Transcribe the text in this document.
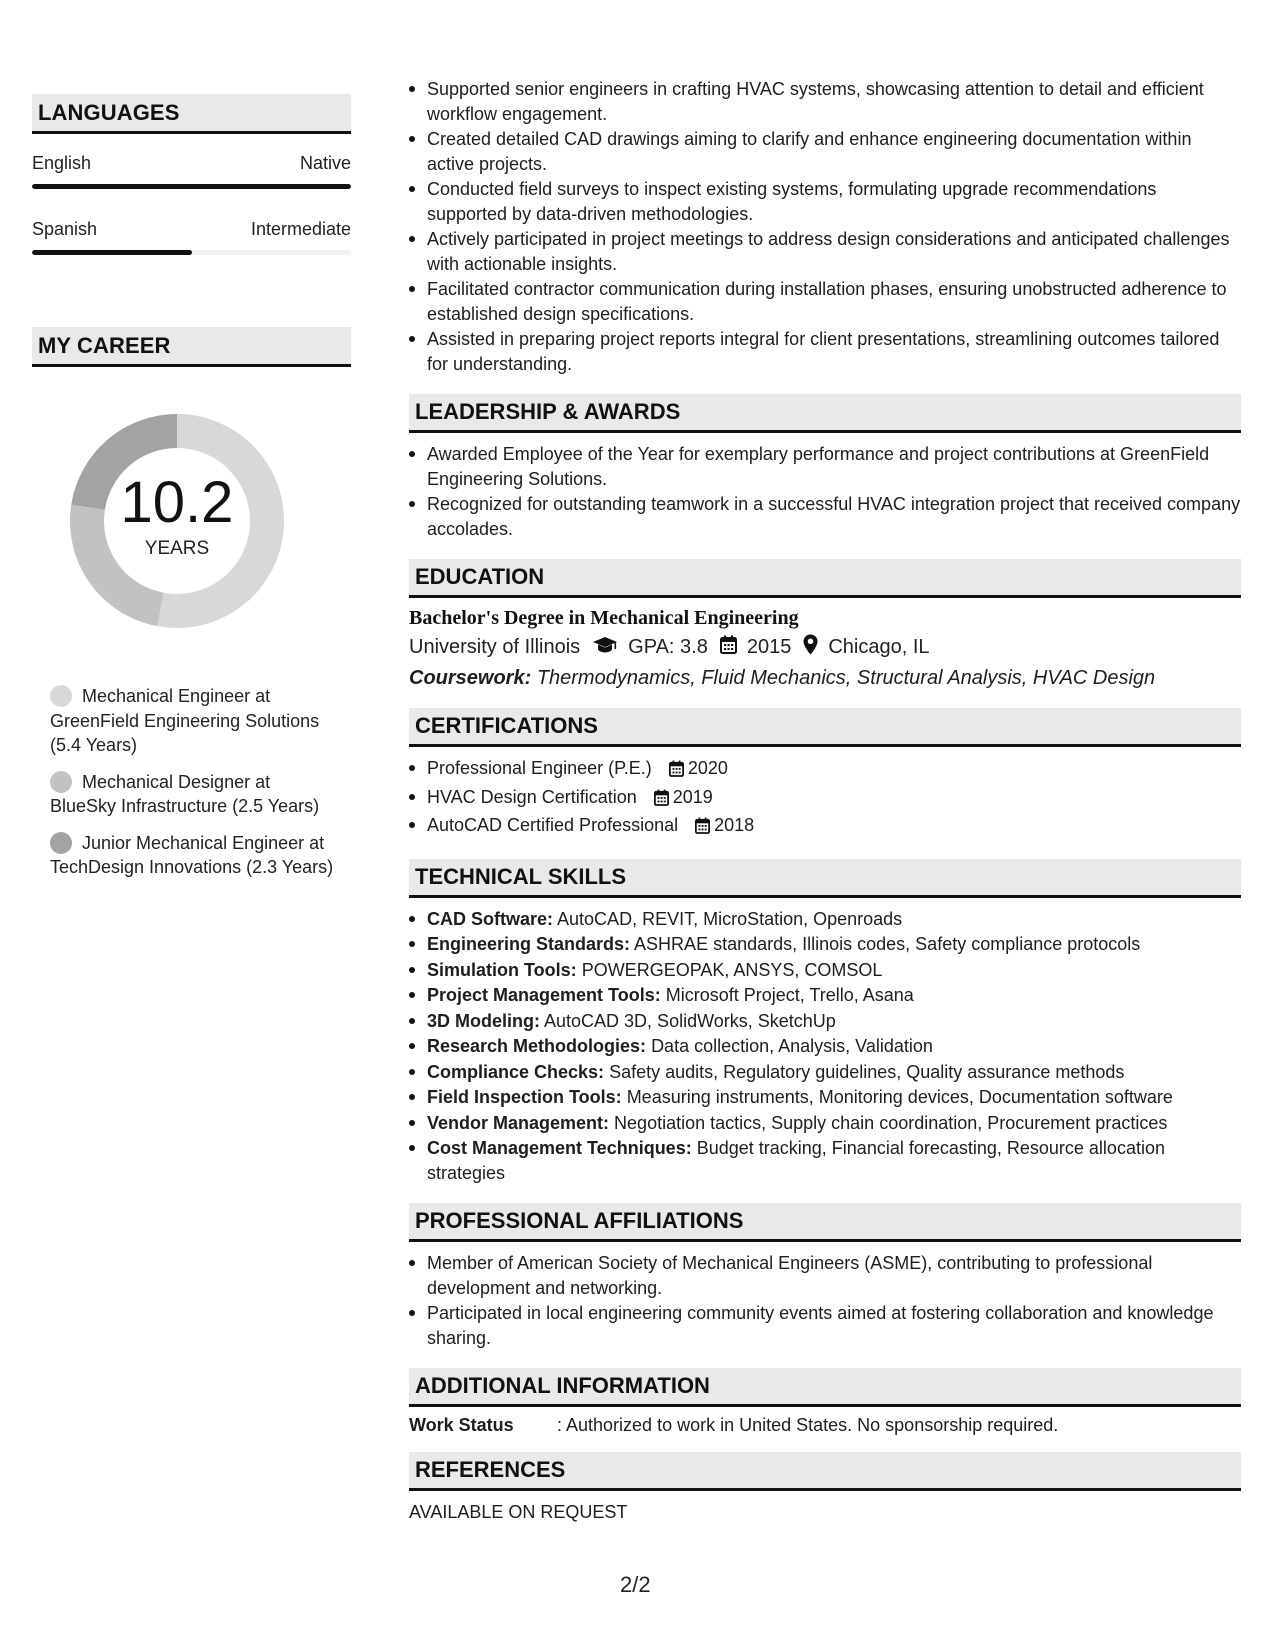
LANGUAGES
English	Native
Spanish	Intermediate
MY CAREER
10.2
YEARS
Mechanical Engineer at GreenField Engineering Solutions (5.4 Years)
Mechanical Designer at BlueSky Infrastructure (2.5 Years)
Junior Mechanical Engineer at TechDesign Innovations (2.3 Years)
Supported senior engineers in crafting HVAC systems, showcasing attention to detail and efficient workflow engagement.
Created detailed CAD drawings aiming to clarify and enhance engineering documentation within active projects.
Conducted field surveys to inspect existing systems, formulating upgrade recommendations supported by data-driven methodologies.
Actively participated in project meetings to address design considerations and anticipated challenges with actionable insights.
Facilitated contractor communication during installation phases, ensuring unobstructed adherence to established design specifications.
Assisted in preparing project reports integral for client presentations, streamlining outcomes tailored for understanding.
LEADERSHIP & AWARDS
Awarded Employee of the Year for exemplary performance and project contributions at GreenField Engineering Solutions.
Recognized for outstanding teamwork in a successful HVAC integration project that received company accolades.
EDUCATION
Bachelor's Degree in Mechanical Engineering
University of Illinois GPA: 3.8 2015 Chicago, IL
Coursework: Thermodynamics, Fluid Mechanics, Structural Analysis, HVAC Design
CERTIFICATIONS
Professional Engineer (P.E.) 2020
HVAC Design Certification 2019
AutoCAD Certified Professional 2018
TECHNICAL SKILLS
CAD Software: AutoCAD, REVIT, MicroStation, Openroads
Engineering Standards: ASHRAE standards, Illinois codes, Safety compliance protocols
Simulation Tools: POWERGEOPAK, ANSYS, COMSOL
Project Management Tools: Microsoft Project, Trello, Asana
3D Modeling: AutoCAD 3D, SolidWorks, SketchUp
Research Methodologies: Data collection, Analysis, Validation
Compliance Checks: Safety audits, Regulatory guidelines, Quality assurance methods
Field Inspection Tools: Measuring instruments, Monitoring devices, Documentation software
Vendor Management: Negotiation tactics, Supply chain coordination, Procurement practices
Cost Management Techniques: Budget tracking, Financial forecasting, Resource allocation strategies
PROFESSIONAL AFFILIATIONS
Member of American Society of Mechanical Engineers (ASME), contributing to professional development and networking.
Participated in local engineering community events aimed at fostering collaboration and knowledge sharing.
ADDITIONAL INFORMATION
Work Status	: Authorized to work in United States. No sponsorship required.
REFERENCES
AVAILABLE ON REQUEST
2/2
